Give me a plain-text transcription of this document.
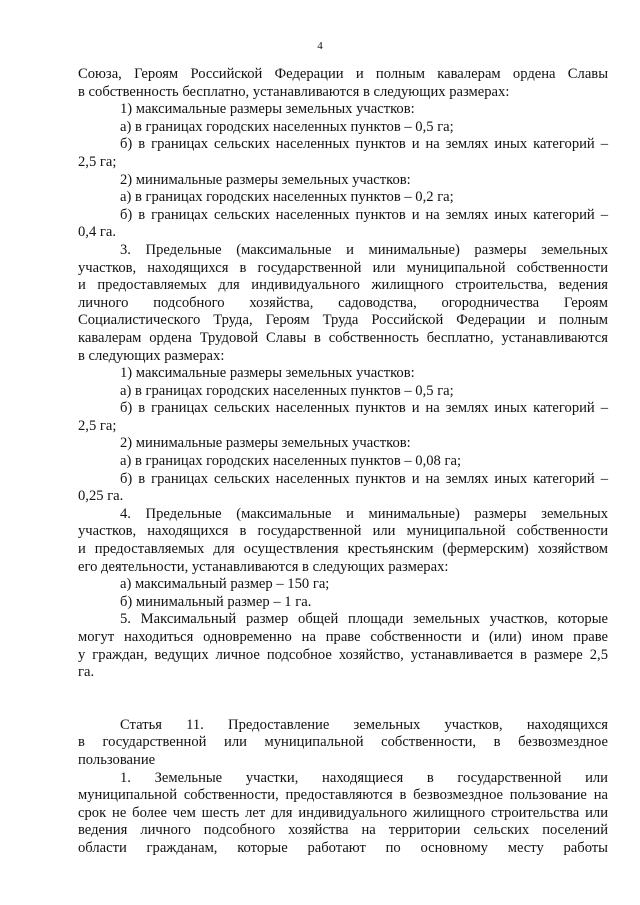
4

Союза, Героям Российской Федерации и полным кавалерам ордена Славы

в собственность бесплатно, устанавливаются в следующих размерах:

1) максимальные размеры земельных участков:

а) в границах городских населенных пунктов – 0,5 га;

б) в границах сельских населенных пунктов и на землях иных категорий –

2,5 га;

2) минимальные размеры земельных участков:

а) в границах городских населенных пунктов – 0,2 га;

б) в границах сельских населенных пунктов и на землях иных категорий –

0,4 га.

3. Предельные (максимальные и минимальные) размеры земельных

участков, находящихся в государственной или муниципальной собственности

и предоставляемых для индивидуального жилищного строительства, ведения

личного подсобного хозяйства, садоводства, огородничества Героям

Социалистического Труда, Героям Труда Российской Федерации и полным

кавалерам ордена Трудовой Славы в собственность бесплатно, устанавливаются

в следующих размерах:

1) максимальные размеры земельных участков:

а) в границах городских населенных пунктов – 0,5 га;

б) в границах сельских населенных пунктов и на землях иных категорий –

2,5 га;

2) минимальные размеры земельных участков:

а) в границах городских населенных пунктов – 0,08 га;

б) в границах сельских населенных пунктов и на землях иных категорий –

0,25 га.

4. Предельные (максимальные и минимальные) размеры земельных

участков, находящихся в государственной или муниципальной собственности

и предоставляемых для осуществления крестьянским (фермерским) хозяйством

его деятельности, устанавливаются в следующих размерах:

а) максимальный размер – 150 га;

б) минимальный размер – 1 га.

5. Максимальный размер общей площади земельных участков, которые

могут находиться одновременно на праве собственности и (или) ином праве

у граждан, ведущих личное подсобное хозяйство, устанавливается в размере 2,5

га.

Статья 11. Предоставление земельных участков, находящихся

в государственной или муниципальной собственности, в безвозмездное

пользование

1. Земельные участки, находящиеся в государственной или

муниципальной собственности, предоставляются в безвозмездное пользование на

срок не более чем шесть лет для индивидуального жилищного строительства или

ведения личного подсобного хозяйства на территории сельских поселений

области гражданам, которые работают по основному месту работы
